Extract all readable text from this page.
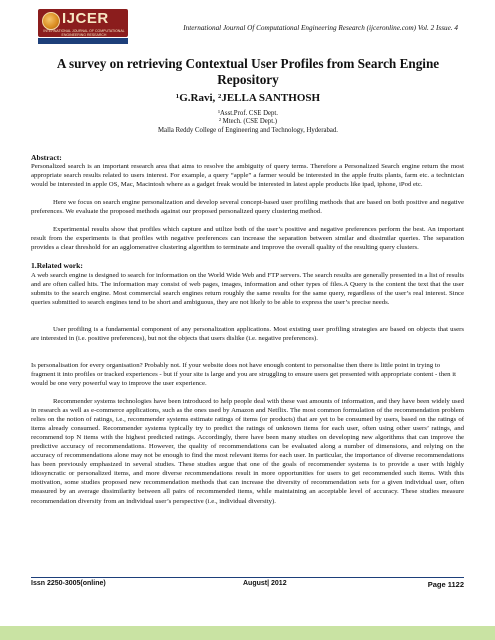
IJCER
INTERNATIONAL JOURNAL OF COMPUTATIONAL ENGINEERING RESEARCH
International Journal Of Computational Engineering Research (ijceronline.com) Vol. 2 Issue. 4
A survey on retrieving Contextual User Profiles from Search Engine Repository
¹G.Ravi, ²JELLA SANTHOSH
¹Asst.Prof. CSE Dept.
² Mtech. (CSE Dept.)
Malla Reddy College of Engineering and Technology, Hyderabad.
Abstract:

Personalized search is an important research area that aims to resolve the ambiguity of query terms. Therefore a Personalized Search engine return the most appropriate search results related to users interest. For example, a query “apple” a farmer would be interested in the apple fruits plants, farm etc. a technician would be interested in apple OS, Mac, Macintosh where as a gadget freak would be interested in latest apple products like ipad, iphone, iPod etc.

Here we focus on search engine personalization and develop several concept-based user profiling methods that are based on both positive and negative preferences. We evaluate the proposed methods against our proposed personalized query clustering method.

Experimental results show that profiles which capture and utilize both of the user’s positive and negative preferences perform the best. An important result from the experiments is that profiles with negative preferences can increase the separation between similar and dissimilar queries. The separation provides a clear threshold for an agglomerative clustering algorithm to terminate and improve the overall quality of the resulting query clusters.

1.Related work:

A web search engine is designed to search for information on the World Wide Web and FTP servers. The search results are generally presented in a list of results and are often called hits. The information may consist of web pages, images, information and other types of files.A Query is the content the text that the user submits to the search engine. Most commercial search engines return roughly the same results for the same query, regardless of the user’s real interest. Since queries submitted to search engines tend to be short and ambiguous, they are not likely to be able to express the user’s precise needs.

User profiling is a fundamental component of any personalization applications. Most existing user profiling strategies are based on objects that users are interested in (i.e. positive preferences), but not the objects that users dislike (i.e. negative preferences).

Is personalisation for every organisation? Probably not. If your website does not have enough content to personalise then there is little point in trying to fragment it into profiles or tracked experiences - but if your site is large and you are struggling to ensure users get presented with appropriate content - then it would be one very powerful way to improve the user experience.

Recommender systems technologies have been introduced to help people deal with these vast amounts of information, and they have been widely used in research as well as e-commerce applications, such as the ones used by Amazon and Netflix. The most common formulation of the recommendation problem relies on the notion of ratings, i.e., recommender systems estimate ratings of items (or products) that are yet to be consumed by users, based on the ratings of items already consumed. Recommender systems typically try to predict the ratings of unknown items for each user, often using other users’ ratings, and recommend top N items with the highest predicted ratings. Accordingly, there have been many studies on developing new algorithms that can improve the predictive accuracy of recommendations. However, the quality of recommendations can be evaluated along a number of dimensions, and relying on the accuracy of recommendations alone may not be enough to find the most relevant items for each user. In particular, the importance of diverse recommendations has been previously emphasized in several studies. These studies argue that one of the goals of recommender systems is to provide a user with highly idiosyncratic or personalized items, and more diverse recommendations result in more opportunities for users to get recommended such items. With this motivation, some studies proposed new recommendation methods that can increase the diversity of recommendation sets for a given individual user, often measured by an average dissimilarity between all pairs of recommended items, while maintaining an acceptable level of accuracy. These studies measure recommendation diversity from an individual user’s perspective (i.e., individual diversity).

Issn 2250-3005(online)	August| 2012	Page 1122
